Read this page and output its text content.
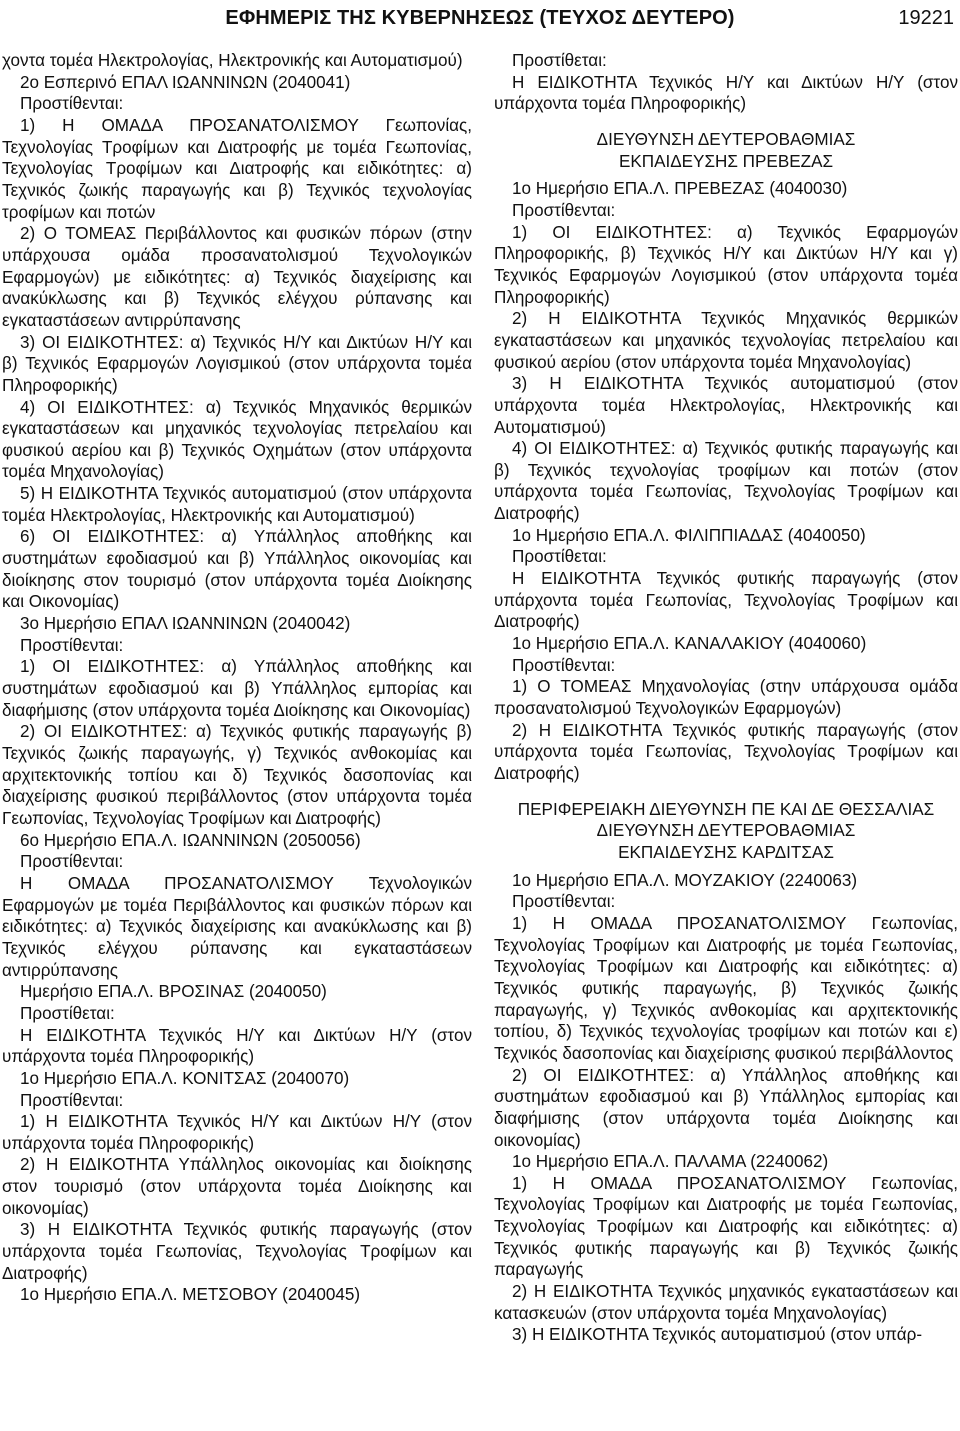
ΕΦΗΜΕΡΙΣ ΤΗΣ ΚΥΒΕΡΝΗΣΕΩΣ (ΤΕΥΧΟΣ ΔΕΥΤΕΡΟ)	19221

χοντα τομέα Ηλεκτρολογίας, Ηλεκτρονικής και Αυτοματισμού)

2ο Εσπερινό ΕΠΑΛ ΙΩΑΝΝΙΝΩΝ (2040041)

Προστίθενται:

1) Η ΟΜΑΔΑ ΠΡΟΣΑΝΑΤΟΛΙΣΜΟΥ Γεωπονίας, Τεχνολογίας Τροφίμων και Διατροφής με τομέα Γεωπονίας, Τεχνολογίας Τροφίμων και Διατροφής και ειδικότητες: α) Τεχνικός ζωικής παραγωγής και β) Τεχνικός τεχνολογίας τροφίμων και ποτών

2) Ο ΤΟΜΕΑΣ Περιβάλλοντος και φυσικών πόρων (στην υπάρχουσα ομάδα προσανατολισμού Τεχνολογικών Εφαρμογών) με ειδικότητες: α) Τεχνικός διαχείρισης και ανακύκλωσης και β) Τεχνικός ελέγχου ρύπανσης και εγκαταστάσεων αντιρρύπανσης

3) ΟΙ ΕΙΔΙΚΟΤΗΤΕΣ: α) Τεχνικός Η/Υ και Δικτύων Η/Υ και β) Τεχνικός Εφαρμογών Λογισμικού (στον υπάρχοντα τομέα Πληροφορικής)

4) ΟΙ ΕΙΔΙΚΟΤΗΤΕΣ: α) Τεχνικός Μηχανικός θερμικών εγκαταστάσεων και μηχανικός τεχνολογίας πετρελαίου και φυσικού αερίου και β) Τεχνικός Οχημάτων (στον υπάρχοντα τομέα Μηχανολογίας)

5) Η ΕΙΔΙΚΟΤΗΤΑ Τεχνικός αυτοματισμού (στον υπάρχοντα τομέα Ηλεκτρολογίας, Ηλεκτρονικής και Αυτοματισμού)

6) ΟΙ ΕΙΔΙΚΟΤΗΤΕΣ: α) Υπάλληλος αποθήκης και συστημάτων εφοδιασμού και β) Υπάλληλος οικονομίας και διοίκησης στον τουρισμό (στον υπάρχοντα τομέα Διοίκησης και Οικονομίας)

3ο Ημερήσιο ΕΠΑΛ ΙΩΑΝΝΙΝΩΝ (2040042)

Προστίθενται:

1) ΟΙ ΕΙΔΙΚΟΤΗΤΕΣ: α) Υπάλληλος αποθήκης και συστημάτων εφοδιασμού και β) Υπάλληλος εμπορίας και διαφήμισης (στον υπάρχοντα τομέα Διοίκησης και Οικονομίας)

2) ΟΙ ΕΙΔΙΚΟΤΗΤΕΣ: α) Τεχνικός φυτικής παραγωγής β) Τεχνικός ζωικής παραγωγής, γ) Τεχνικός ανθοκομίας και αρχιτεκτονικής τοπίου και δ) Τεχνικός δασοπονίας και διαχείρισης φυσικού περιβάλλοντος (στον υπάρχοντα τομέα Γεωπονίας, Τεχνολογίας Τροφίμων και Διατροφής)

6ο Ημερήσιο ΕΠΑ.Λ. ΙΩΑΝΝΙΝΩΝ (2050056)

Προστίθενται:

Η ΟΜΑΔΑ ΠΡΟΣΑΝΑΤΟΛΙΣΜΟΥ Τεχνολογικών Εφαρμογών με τομέα Περιβάλλοντος και φυσικών πόρων και ειδικότητες: α) Τεχνικός διαχείρισης και ανακύκλωσης και β) Τεχνικός ελέγχου ρύπανσης και εγκαταστάσεων αντιρρύπανσης

Ημερήσιο ΕΠΑ.Λ. ΒΡΟΣΙΝΑΣ (2040050)

Προστίθεται:

Η ΕΙΔΙΚΟΤΗΤΑ Τεχνικός Η/Υ και Δικτύων Η/Υ (στον υπάρχοντα τομέα Πληροφορικής)

1ο Ημερήσιο ΕΠΑ.Λ. ΚΟΝΙΤΣΑΣ (2040070)

Προστίθενται:

1) Η ΕΙΔΙΚΟΤΗΤΑ Τεχνικός Η/Υ και Δικτύων Η/Υ (στον υπάρχοντα τομέα Πληροφορικής)

2) Η ΕΙΔΙΚΟΤΗΤΑ Υπάλληλος οικονομίας και διοίκησης στον τουρισμό (στον υπάρχοντα τομέα Διοίκησης και οικονομίας)

3) Η ΕΙΔΙΚΟΤΗΤΑ Τεχνικός φυτικής παραγωγής (στον υπάρχοντα τομέα Γεωπονίας, Τεχνολογίας Τροφίμων και Διατροφής)

1ο Ημερήσιο ΕΠΑ.Λ. ΜΕΤΣΟΒΟΥ (2040045)

Προστίθεται:

Η ΕΙΔΙΚΟΤΗΤΑ Τεχνικός Η/Υ και Δικτύων Η/Υ (στον υπάρχοντα τομέα Πληροφορικής)

ΔΙΕΥΘΥΝΣΗ ΔΕΥΤΕΡΟΒΑΘΜΙΑΣ

ΕΚΠΑΙΔΕΥΣΗΣ ΠΡΕΒΕΖΑΣ

1ο Ημερήσιο ΕΠΑ.Λ. ΠΡΕΒΕΖΑΣ (4040030)

Προστίθενται:

1) ΟΙ ΕΙΔΙΚΟΤΗΤΕΣ: α) Τεχνικός Εφαρμογών Πληροφορικής, β) Τεχνικός Η/Υ και Δικτύων Η/Υ και γ) Τεχνικός Εφαρμογών Λογισμικού (στον υπάρχοντα τομέα Πληροφορικής)

2) Η ΕΙΔΙΚΟΤΗΤΑ Τεχνικός Μηχανικός θερμικών εγκαταστάσεων και μηχανικός τεχνολογίας πετρελαίου και φυσικού αερίου (στον υπάρχοντα τομέα Μηχανολογίας)

3) Η ΕΙΔΙΚΟΤΗΤΑ Τεχνικός αυτοματισμού (στον υπάρχοντα τομέα Ηλεκτρολογίας, Ηλεκτρονικής και Αυτοματισμού)

4) ΟΙ ΕΙΔΙΚΟΤΗΤΕΣ: α) Τεχνικός φυτικής παραγωγής και β) Τεχνικός τεχνολογίας τροφίμων και ποτών (στον υπάρχοντα τομέα Γεωπονίας, Τεχνολογίας Τροφίμων και Διατροφής)

1ο Ημερήσιο ΕΠΑ.Λ. ΦΙΛΙΠΠΙΑΔΑΣ (4040050)

Προστίθεται:

Η ΕΙΔΙΚΟΤΗΤΑ Τεχνικός φυτικής παραγωγής (στον υπάρχοντα τομέα Γεωπονίας, Τεχνολογίας Τροφίμων και Διατροφής)

1ο Ημερήσιο ΕΠΑ.Λ. ΚΑΝΑΛΑΚΙΟΥ (4040060)

Προστίθενται:

1) Ο ΤΟΜΕΑΣ Μηχανολογίας (στην υπάρχουσα ομάδα προσανατολισμού Τεχνολογικών Εφαρμογών)

2) Η ΕΙΔΙΚΟΤΗΤΑ Τεχνικός φυτικής παραγωγής (στον υπάρχοντα τομέα Γεωπονίας, Τεχνολογίας Τροφίμων και Διατροφής)

ΠΕΡΙΦΕΡΕΙΑΚΗ ΔΙΕΥΘΥΝΣΗ ΠΕ ΚΑΙ ΔΕ ΘΕΣΣΑΛΙΑΣ

ΔΙΕΥΘΥΝΣΗ ΔΕΥΤΕΡΟΒΑΘΜΙΑΣ

ΕΚΠΑΙΔΕΥΣΗΣ ΚΑΡΔΙΤΣΑΣ

1ο Ημερήσιο ΕΠΑ.Λ. ΜΟΥΖΑΚΙΟΥ (2240063)

Προστίθενται:

1) Η ΟΜΑΔΑ ΠΡΟΣΑΝΑΤΟΛΙΣΜΟΥ Γεωπονίας, Τεχνολογίας Τροφίμων και Διατροφής με τομέα Γεωπονίας, Τεχνολογίας Τροφίμων και Διατροφής και ειδικότητες: α) Τεχνικός φυτικής παραγωγής, β) Τεχνικός ζωικής παραγωγής, γ) Τεχνικός ανθοκομίας και αρχιτεκτονικής τοπίου, δ) Τεχνικός τεχνολογίας τροφίμων και ποτών και ε) Τεχνικός δασοπονίας και διαχείρισης φυσικού περιβάλλοντος

2) ΟΙ ΕΙΔΙΚΟΤΗΤΕΣ: α) Υπάλληλος αποθήκης και συστημάτων εφοδιασμού και β) Υπάλληλος εμπορίας και διαφήμισης (στον υπάρχοντα τομέα Διοίκησης και οικονομίας)

1ο Ημερήσιο ΕΠΑ.Λ. ΠΑΛΑΜΑ (2240062)

1) Η ΟΜΑΔΑ ΠΡΟΣΑΝΑΤΟΛΙΣΜΟΥ Γεωπονίας, Τεχνολογίας Τροφίμων και Διατροφής με τομέα Γεωπονίας, Τεχνολογίας Τροφίμων και Διατροφής και ειδικότητες: α) Τεχνικός φυτικής παραγωγής και β) Τεχνικός ζωικής παραγωγής

2) Η ΕΙΔΙΚΟΤΗΤΑ Τεχνικός μηχανικός εγκαταστάσεων και κατασκευών (στον υπάρχοντα τομέα Μηχανολογίας)

3) Η ΕΙΔΙΚΟΤΗΤΑ Τεχνικός αυτοματισμού (στον υπάρ-
